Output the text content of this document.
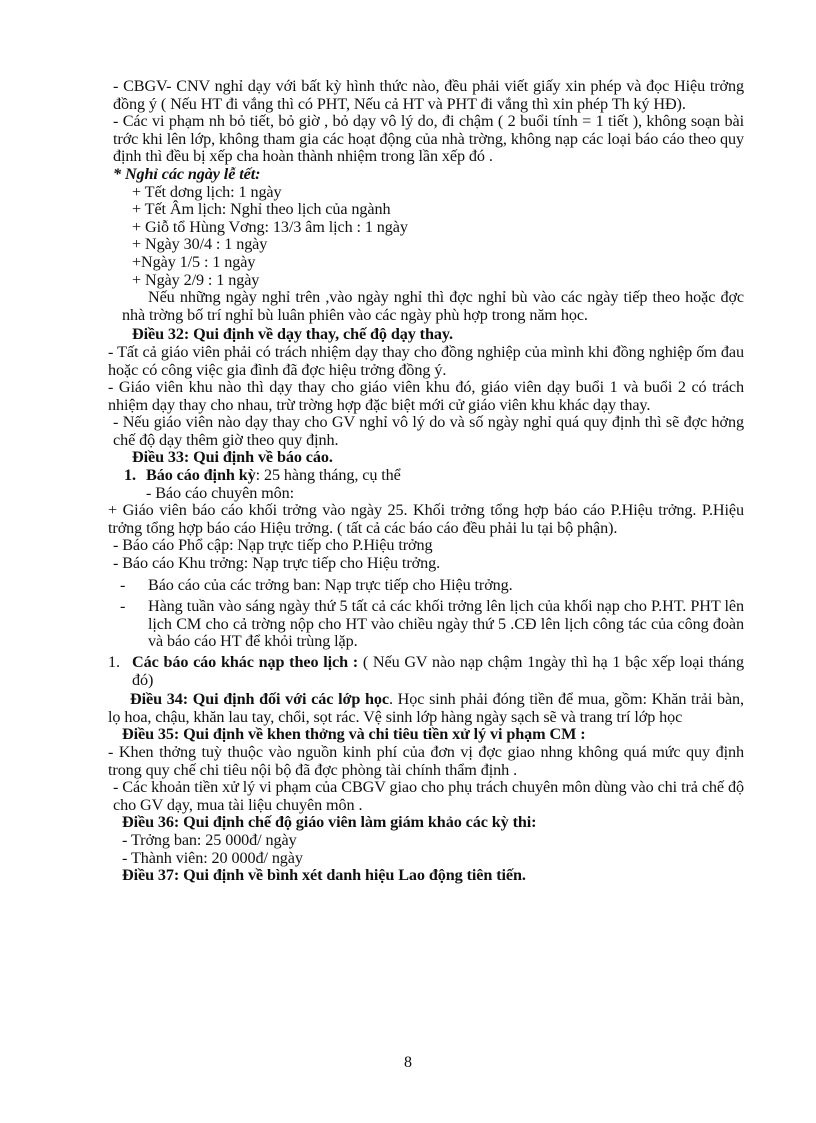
- CBGV- CNV nghỉ dạy với bất kỳ hình thức nào, đều phải viết giấy xin phép và đọc Hiệu trởng đồng ý ( Nếu HT đi vắng thì có PHT, Nếu cả HT và PHT đi vắng thì xin phép Th ký HĐ).

- Các vi phạm nh bỏ tiết, bỏ giờ , bỏ dạy vô lý do, đi chậm ( 2 buổi tính = 1 tiết ), không soạn bài trớc khi lên lớp, không tham gia các hoạt động của nhà trờng, không nạp các loại báo cáo theo quy định thì đều bị xếp cha hoàn thành nhiệm trong lần xếp đó .

* Nghỉ các ngày lễ tết:

+ Tết dơng lịch: 1 ngày

+ Tết Âm lịch: Nghỉ theo lịch của ngành

+ Giỗ tổ Hùng Vơng: 13/3 âm lịch : 1 ngày

+ Ngày 30/4 : 1 ngày

+Ngày 1/5 : 1 ngày

+ Ngày 2/9 : 1 ngày

Nếu những ngày nghỉ trên ,vào ngày nghỉ thì đợc nghỉ bù vào các ngày tiếp theo hoặc đợc nhà trờng bố trí nghỉ bù luân phiên vào các ngày phù hợp trong năm học.

Điều 32: Qui định về dạy thay, chế độ dạy thay.

- Tất cả giáo viên phải có trách nhiệm dạy thay cho đồng nghiệp của mình khi đồng nghiệp ốm đau hoặc có công việc gia đình đã đợc hiệu trởng đồng ý.

- Giáo viên khu nào thì dạy thay cho giáo viên khu đó, giáo viên dạy buổi 1 và buổi 2 có trách nhiệm dạy thay cho nhau, trừ trờng hợp đặc biệt mới cử giáo viên khu khác dạy thay.

- Nếu giáo viên nào dạy thay cho GV nghỉ vô lý do và số ngày nghỉ quá quy định thì sẽ đợc hởng chế độ dạy thêm giờ theo quy định.

Điều 33: Qui định về báo cáo.

1. Báo cáo định kỳ: 25 hàng tháng, cụ thể

- Báo cáo chuyên môn:

+ Giáo viên báo cáo khối trởng vào ngày 25. Khối trởng tổng hợp báo cáo P.Hiệu trởng. P.Hiệu trởng tổng hợp báo cáo Hiệu trởng. ( tất cả các báo cáo đều phải lu tại bộ phận).

- Báo cáo Phổ cập: Nạp trực tiếp cho P.Hiệu trởng

- Báo cáo Khu trởng: Nạp trực tiếp cho Hiệu trởng.

-	Báo cáo của các trởng ban: Nạp trực tiếp cho Hiệu trởng.
-	Hàng tuần vào sáng ngày thứ 5 tất cả các khối trởng lên lịch của khối nạp cho P.HT. PHT lên lịch CM cho cả trờng nộp cho HT vào chiều ngày thứ 5 .CĐ lên lịch công tác của công đoàn và báo cáo HT để khỏi trùng lặp.
1. Các báo cáo khác nạp theo lịch : ( Nếu GV nào nạp chậm 1ngày thì hạ 1 bậc xếp loại tháng đó)

Điều 34: Qui định đối với các lớp học. Học sinh phải đóng tiền để mua, gồm: Khăn trải bàn, lọ hoa, chậu, khăn lau tay, chổi, sọt rác. Vệ sinh lớp hàng ngày sạch sẽ và trang trí lớp học

Điều 35: Qui định về khen thởng và chi tiêu tiền xử lý vi phạm CM :

- Khen thởng tuỳ thuộc vào nguồn kinh phí của đơn vị đợc giao nhng không quá mức quy định trong quy chế chi tiêu nội bộ đã đợc phòng tài chính thẩm định .

- Các khoản tiền xử lý vi phạm của CBGV giao cho phụ trách chuyên môn dùng vào chi trả chế độ cho GV dạy, mua tài liệu chuyên môn .

Điều 36: Qui định chế độ giáo viên làm giám khảo các kỳ thi:

- Trởng ban: 25 000đ/ ngày

- Thành viên: 20 000đ/ ngày

Điều 37: Qui định về bình xét danh hiệu Lao động tiên tiến.

8
